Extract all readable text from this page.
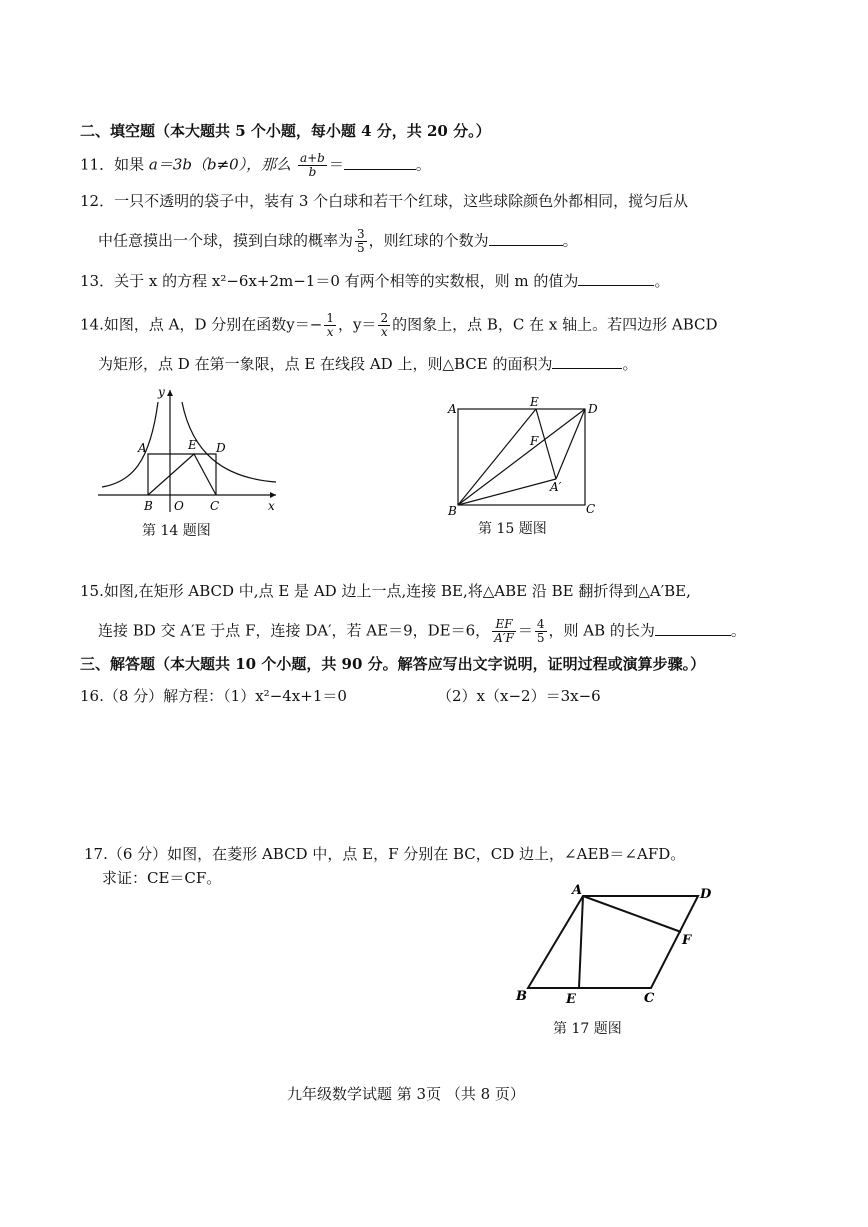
二、填空题（本大题共 5 个小题，每小题 4 分，共 20 分。）
11．如果 a＝3b（b≠0），那么 $\frac{a+b}{b}$ ＝	。
12．一只不透明的袋子中，装有 3 个白球和若干个红球，这些球除颜色外都相同，搅匀后从
中任意摸出一个球，摸到白球的概率为 $\frac{3}{5}$ ，则红球的个数为	。
13．关于 x 的方程 x²−6x+2m−1＝0 有两个相等的实数根，则 m 的值为	。
14.如图，点 A，D 分别在函数$y=- \frac{1}{x}$ ，$y= \frac{2}{x}$ 的图象上，点 B，C 在 x 轴上。若四边形 ABCD
为矩形，点 D 在第一象限，点 E 在线段 AD 上，则△BCE 的面积为	。
y
x
A	E D
B O C
第 14 题图
A	E	D
F
A′
B	C
第 15 题图
15.如图,在矩形 ABCD 中,点 E 是 AD 边上一点,连接 BE,将△ABE 沿 BE 翻折得到△A′BE,
连接 BD 交 A′E 于点 F，连接 DA′，若 AE＝9，DE＝6， $\frac{EF}{A'F} = \frac{4}{5}$ ，则 AB 的长为	。
三、解答题（本大题共 10 个小题，共 90 分。解答应写出文字说明，证明过程或演算步骤。）
16.（8 分）解方程：（1）x²−4x+1＝0	（2）x（x−2）＝3x−6
17.（6 分）如图，在菱形 ABCD 中，点 E，F 分别在 BC，CD 边上，∠AEB＝∠AFD。
求证：CE＝CF。
A	D
F
B	E	C
第 17 题图
九年级数学试题 第 3页 （共 8 页）
